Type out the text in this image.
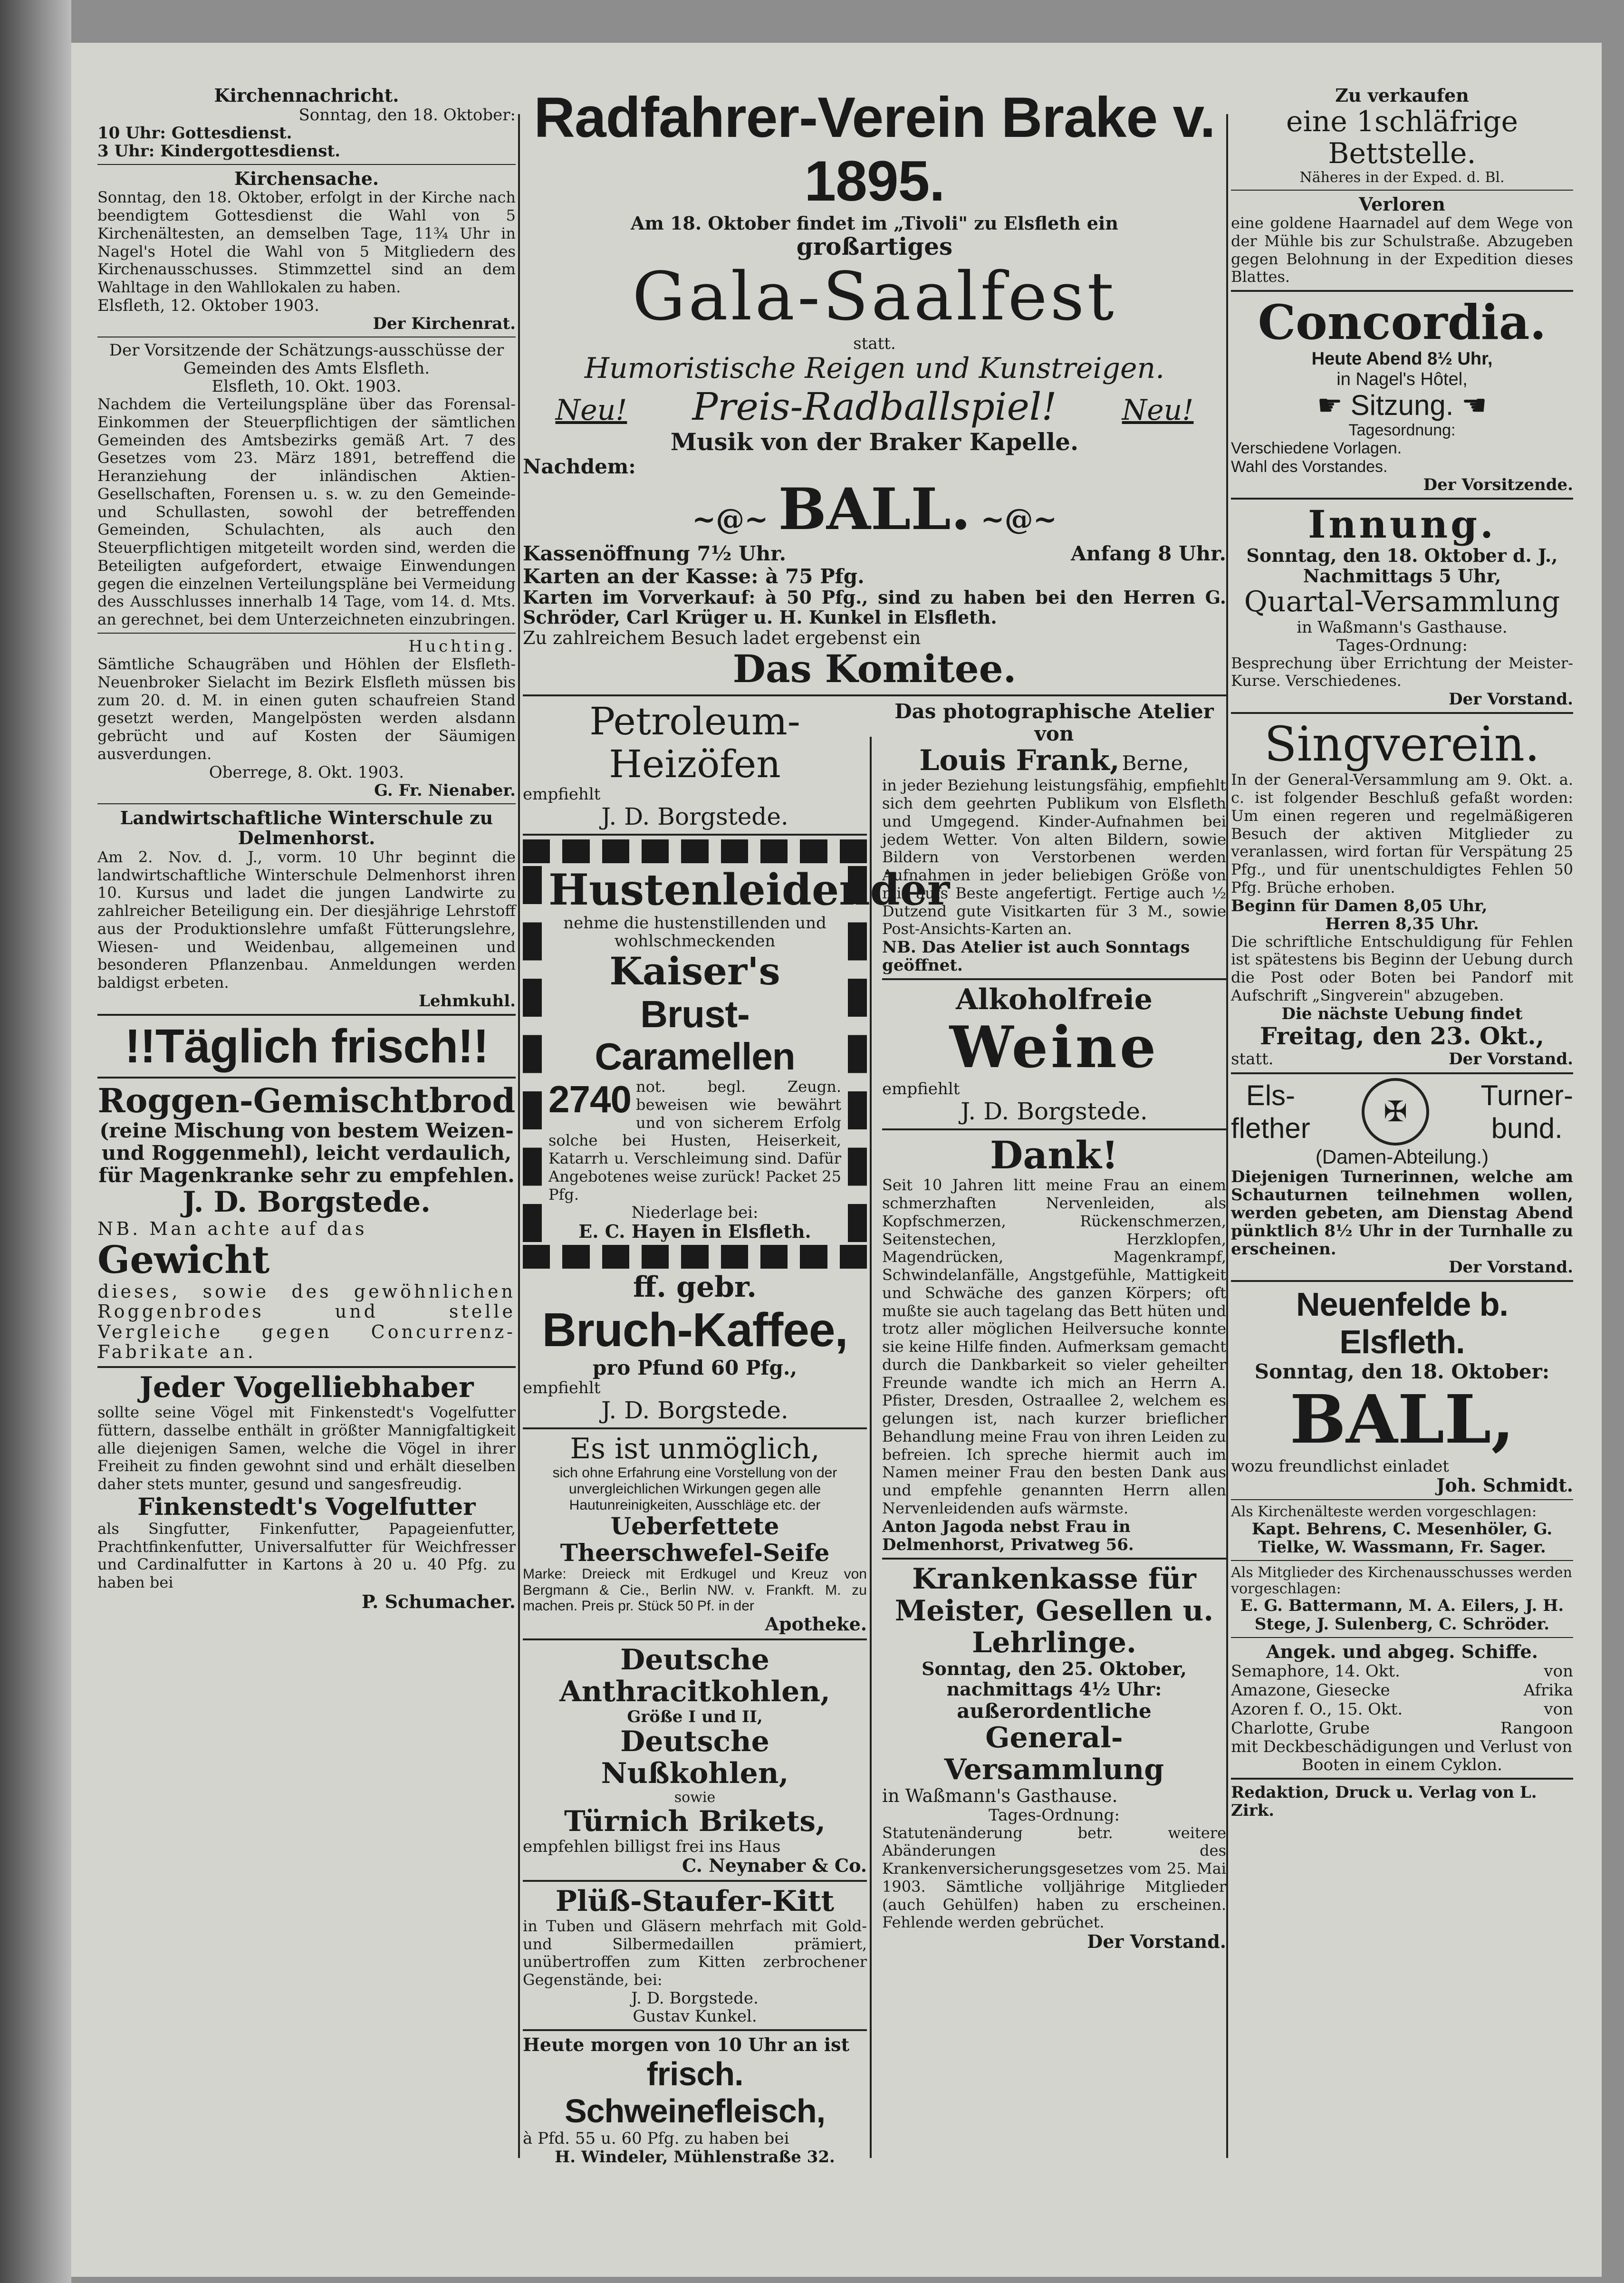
Kirchennachricht.

Sonntag, den 18. Oktober:

10 Uhr: Gottesdienst.

3 Uhr: Kindergottesdienst.

Kirchensache.

Sonntag, den 18. Oktober, erfolgt in der Kirche nach beendigtem Gottesdienst die Wahl von 5 Kirchenältesten, an demselben Tage, 11¾ Uhr in Nagel's Hotel die Wahl von 5 Mitgliedern des Kirchenausschusses. Stimmzettel sind an dem Wahltage in den Wahllokalen zu haben.

Elsfleth, 12. Oktober 1903.

Der Kirchenrat.

Der Vorsitzende der Schätzungs-ausschüsse der Gemeinden des Amts Elsfleth.

Elsfleth, 10. Okt. 1903.

Nachdem die Verteilungspläne über das Forensal-Einkommen der Steuerpflichtigen der sämtlichen Gemeinden des Amtsbezirks gemäß Art. 7 des Gesetzes vom 23. März 1891, betreffend die Heranziehung der inländischen Aktien-Gesellschaften, Forensen u. s. w. zu den Gemeinde- und Schullasten, sowohl der betreffenden Gemeinden, Schulachten, als auch den Steuerpflichtigen mitgeteilt worden sind, werden die Beteiligten aufgefordert, etwaige Einwendungen gegen die einzelnen Verteilungspläne bei Vermeidung des Ausschlusses innerhalb 14 Tage, vom 14. d. Mts. an gerechnet, bei dem Unterzeichneten einzubringen.

Huchting.

Sämtliche Schaugräben und Höhlen der Elsfleth-Neuenbroker Sielacht im Bezirk Elsfleth müssen bis zum 20. d. M. in einen guten schaufreien Stand gesetzt werden, Mangelpösten werden alsdann gebrücht und auf Kosten der Säumigen ausverdungen.

Oberrege, 8. Okt. 1903.

G. Fr. Nienaber.

Landwirtschaftliche Winterschule zu Delmenhorst.

Am 2. Nov. d. J., vorm. 10 Uhr beginnt die landwirtschaftliche Winterschule Delmenhorst ihren 10. Kursus und ladet die jungen Landwirte zu zahlreicher Beteiligung ein. Der diesjährige Lehrstoff aus der Produktionslehre umfaßt Fütterungslehre, Wiesen- und Weidenbau, allgemeinen und besonderen Pflanzenbau. Anmeldungen werden baldigst erbeten.

Lehmkuhl.

!!Täglich frisch!!

Roggen-Gemischtbrod

(reine Mischung von bestem Weizen- und Roggenmehl), leicht verdaulich, für Magenkranke sehr zu empfehlen.

J. D. Borgstede.

NB. Man achte auf das

Gewicht

dieses, sowie des gewöhnlichen Roggenbrodes und stelle Vergleiche gegen Concurrenz-Fabrikate an.

Jeder Vogelliebhaber

sollte seine Vögel mit Finkenstedt's Vogelfutter füttern, dasselbe enthält in größter Mannigfaltigkeit alle diejenigen Samen, welche die Vögel in ihrer Freiheit zu finden gewohnt sind und erhält dieselben daher stets munter, gesund und sangesfreudig.

Finkenstedt's Vogelfutter

als Singfutter, Finkenfutter, Papageienfutter, Prachtfinkenfutter, Universalfutter für Weichfresser und Cardinalfutter in Kartons à 20 u. 40 Pfg. zu haben bei

P. Schumacher.

Radfahrer-Verein Brake v. 1895.

Am 18. Oktober findet im „Tivoli" zu Elsfleth ein

großartiges

Gala-Saalfest

statt.

Humoristische Reigen und Kunstreigen.

Neu! Preis-Radballspiel! Neu!

Musik von der Braker Kapelle.

Nachdem:

~@~ BALL. ~@~

Kassenöffnung 7½ Uhr.	Anfang 8 Uhr.

Karten an der Kasse: à 75 Pfg.

Karten im Vorverkauf: à 50 Pfg., sind zu haben bei den Herren G. Schröder, Carl Krüger u. H. Kunkel in Elsfleth.

Zu zahlreichem Besuch ladet ergebenst ein

Das Komitee.

Petroleum-Heizöfen

empfiehlt

J. D. Borgstede.

Hustenleidender

nehme die hustenstillenden und wohlschmeckenden

Kaiser's

Brust-Caramellen

2740 not. begl. Zeugn. beweisen wie bewährt und von sicherem Erfolg solche bei Husten, Heiserkeit, Katarrh u. Verschleimung sind. Dafür Angebotenes weise zurück! Packet 25 Pfg.

Niederlage bei:

E. C. Hayen in Elsfleth.

ff. gebr.

Bruch-Kaffee,

pro Pfund 60 Pfg.,

empfiehlt

J. D. Borgstede.

Es ist unmöglich,

sich ohne Erfahrung eine Vorstellung von der unvergleichlichen Wirkungen gegen alle Hautunreinigkeiten, Ausschläge etc. der

Ueberfettete Theerschwefel-Seife

Marke: Dreieck mit Erdkugel und Kreuz von Bergmann & Cie., Berlin NW. v. Frankft. M. zu machen. Preis pr. Stück 50 Pf. in der

Apotheke.

Deutsche Anthracitkohlen,

Größe I und II,

Deutsche Nußkohlen,

sowie

Türnich Brikets,

empfehlen billigst frei ins Haus

C. Neynaber & Co.

Plüß-Staufer-Kitt

in Tuben und Gläsern mehrfach mit Gold- und Silbermedaillen prämiert, unübertroffen zum Kitten zerbrochener Gegenstände, bei:

J. D. Borgstede.

Gustav Kunkel.

Heute morgen von 10 Uhr an ist

frisch. Schweinefleisch,

à Pfd. 55 u. 60 Pfg. zu haben bei

H. Windeler, Mühlenstraße 32.

Das photographische Atelier von

Louis Frank, Berne,

in jeder Beziehung leistungsfähig, empfiehlt sich dem geehrten Publikum von Elsfleth und Umgegend. Kinder-Aufnahmen bei jedem Wetter. Von alten Bildern, sowie Bildern von Verstorbenen werden Aufnahmen in jeder beliebigen Größe von mir aufs Beste angefertigt. Fertige auch ½ Dutzend gute Visitkarten für 3 M., sowie Post-Ansichts-Karten an.

NB. Das Atelier ist auch Sonntags geöffnet.

Alkoholfreie

Weine

empfiehlt

J. D. Borgstede.

Dank!

Seit 10 Jahren litt meine Frau an einem schmerzhaften Nervenleiden, als Kopfschmerzen, Rückenschmerzen, Seitenstechen, Herzklopfen, Magendrücken, Magenkrampf, Schwindelanfälle, Angstgefühle, Mattigkeit und Schwäche des ganzen Körpers; oft mußte sie auch tagelang das Bett hüten und trotz aller möglichen Heilversuche konnte sie keine Hilfe finden. Aufmerksam gemacht durch die Dankbarkeit so vieler geheilter Freunde wandte ich mich an Herrn A. Pfister, Dresden, Ostraallee 2, welchem es gelungen ist, nach kurzer brieflicher Behandlung meine Frau von ihren Leiden zu befreien. Ich spreche hiermit auch im Namen meiner Frau den besten Dank aus und empfehle genannten Herrn allen Nervenleidenden aufs wärmste.

Anton Jagoda nebst Frau in Delmenhorst, Privatweg 56.

Krankenkasse für Meister, Gesellen u. Lehrlinge.

Sonntag, den 25. Oktober, nachmittags 4½ Uhr:

außerordentliche

General-Versammlung

in Waßmann's Gasthause.

Tages-Ordnung:

Statutenänderung betr. weitere Abänderungen des Krankenversicherungsgesetzes vom 25. Mai 1903. Sämtliche volljährige Mitglieder (auch Gehülfen) haben zu erscheinen. Fehlende werden gebrüchet.

Der Vorstand.

Zu verkaufen

eine 1schläfrige Bettstelle.

Näheres in der Exped. d. Bl.

Verloren

eine goldene Haarnadel auf dem Wege von der Mühle bis zur Schulstraße. Abzugeben gegen Belohnung in der Expedition dieses Blattes.

Concordia.

Heute Abend 8½ Uhr,

in Nagel's Hôtel,

☛ Sitzung. ☚

Tagesordnung:

Verschiedene Vorlagen.

Wahl des Vorstandes.

Der Vorsitzende.

Innung.

Sonntag, den 18. Oktober d. J.,

Nachmittags 5 Uhr,

Quartal-Versammlung

in Waßmann's Gasthause.

Tages-Ordnung:

Besprechung über Errichtung der Meister-Kurse. Verschiedenes.

Der Vorstand.

Singverein.

In der General-Versammlung am 9. Okt. a. c. ist folgender Beschluß gefaßt worden: Um einen regeren und regelmäßigeren Besuch der aktiven Mitglieder zu veranlassen, wird fortan für Verspätung 25 Pfg., und für unentschuldigtes Fehlen 50 Pfg. Brüche erhoben.

Beginn für Damen 8,05 Uhr,

Herren 8,35 Uhr.

Die schriftliche Entschuldigung für Fehlen ist spätestens bis Beginn der Uebung durch die Post oder Boten bei Pandorf mit Aufschrift „Singverein" abzugeben.

Die nächste Uebung findet

Freitag, den 23. Okt.,

statt.	Der Vorstand.
Els-
flether	✠	Turner-
bund.

(Damen-Abteilung.)

Diejenigen Turnerinnen, welche am Schauturnen teilnehmen wollen, werden gebeten, am Dienstag Abend pünktlich 8½ Uhr in der Turnhalle zu erscheinen.

Der Vorstand.

Neuenfelde b. Elsfleth.

Sonntag, den 18. Oktober:

BALL,

wozu freundlichst einladet

Joh. Schmidt.

Als Kirchenälteste werden vorgeschlagen:

Kapt. Behrens, C. Mesenhöler, G. Tielke, W. Wassmann, Fr. Sager.

Als Mitglieder des Kirchenausschusses werden vorgeschlagen:

E. G. Battermann, M. A. Eilers, J. H. Stege, J. Sulenberg, C. Schröder.

Angek. und abgeg. Schiffe.

Semaphore, 14. Okt.	von
Amazone, Giesecke	Afrika
Azoren f. O., 15. Okt.	von
Charlotte, Grube	Rangoon

mit Deckbeschädigungen und Verlust von

Booten in einem Cyklon.

Redaktion, Druck u. Verlag von L. Zirk.
